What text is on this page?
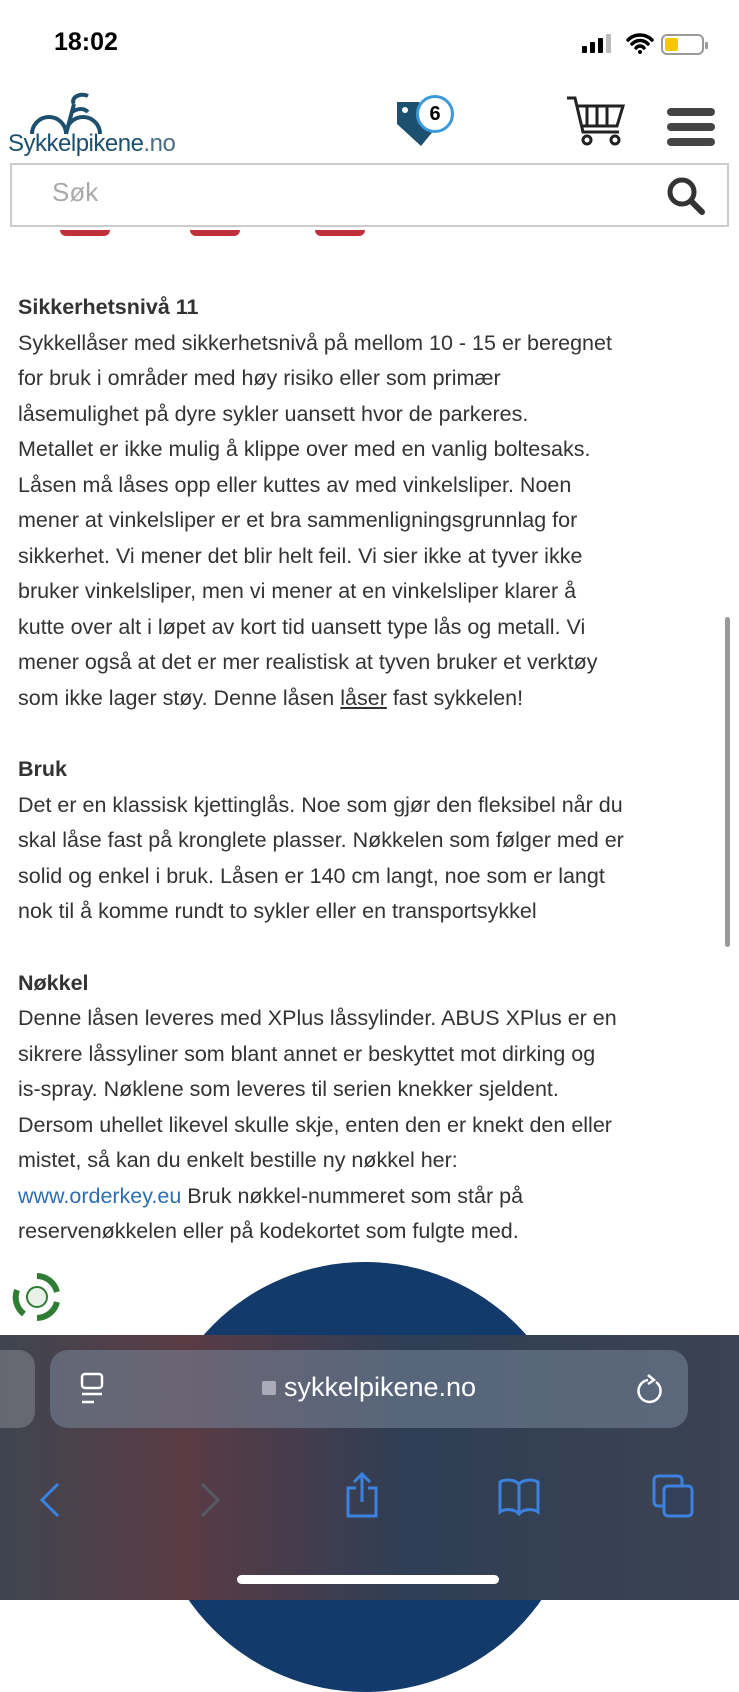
18:02
Sykkelpikene.no
6
Søk
Sikkerhetsnivå 11
Sykkellåser med sikkerhetsnivå på mellom 10 - 15 er beregnet
for bruk i områder med høy risiko eller som primær
låsemulighet på dyre sykler uansett hvor de parkeres.
Metallet er ikke mulig å klippe over med en vanlig boltesaks.
Låsen må låses opp eller kuttes av med vinkelsliper. Noen
mener at vinkelsliper er et bra sammenligningsgrunnlag for
sikkerhet. Vi mener det blir helt feil. Vi sier ikke at tyver ikke
bruker vinkelsliper, men vi mener at en vinkelsliper klarer å
kutte over alt i løpet av kort tid uansett type lås og metall. Vi
mener også at det er mer realistisk at tyven bruker et verktøy
som ikke lager støy. Denne låsen låser fast sykkelen!
Bruk
Det er en klassisk kjettinglås. Noe som gjør den fleksibel når du
skal låse fast på kronglete plasser. Nøkkelen som følger med er
solid og enkel i bruk. Låsen er 140 cm langt, noe som er langt
nok til å komme rundt to sykler eller en transportsykkel
Nøkkel
Denne låsen leveres med XPlus låssylinder. ABUS XPlus er en
sikrere låssyliner som blant annet er beskyttet mot dirking og
is-spray. Nøklene som leveres til serien knekker sjeldent.
Dersom uhellet likevel skulle skje, enten den er knekt den eller
mistet, så kan du enkelt bestille ny nøkkel her:
www.orderkey.eu Bruk nøkkel-nummeret som står på
reservenøkkelen eller på kodekortet som fulgte med.
sykkelpikene.no
